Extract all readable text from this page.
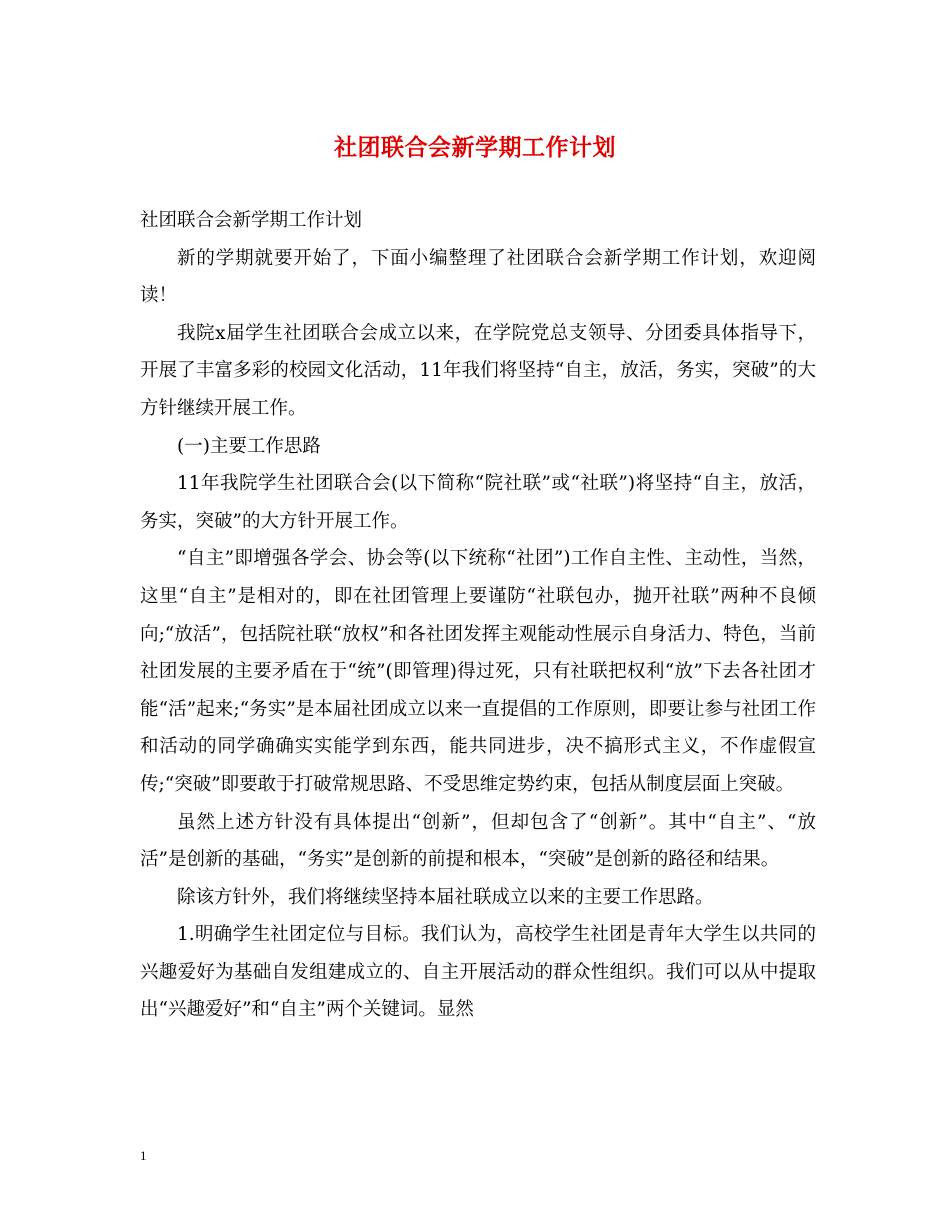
社团联合会新学期工作计划

社团联合会新学期工作计划

新的学期就要开始了，下面小编整理了社团联合会新学期工作计划，欢迎阅读！

我院x届学生社团联合会成立以来，在学院党总支领导、分团委具体指导下，开展了丰富多彩的校园文化活动，11年我们将坚持“自主，放活，务实，突破”的大方针继续开展工作。

(一)主要工作思路

11年我院学生社团联合会(以下简称“院社联”或“社联”)将坚持“自主，放活，务实，突破”的大方针开展工作。

“自主”即增强各学会、协会等(以下统称“社团”)工作自主性、主动性，当然，这里“自主”是相对的，即在社团管理上要谨防“社联包办，抛开社联”两种不良倾向;“放活”，包括院社联“放权”和各社团发挥主观能动性展示自身活力、特色，当前社团发展的主要矛盾在于“统”(即管理)得过死，只有社联把权利“放”下去各社团才能“活”起来;“务实”是本届社团成立以来一直提倡的工作原则，即要让参与社团工作和活动的同学确确实实能学到东西，能共同进步，决不搞形式主义，不作虚假宣传;“突破”即要敢于打破常规思路、不受思维定势约束，包括从制度层面上突破。

虽然上述方针没有具体提出“创新”，但却包含了“创新”。其中“自主”、“放活”是创新的基础，“务实”是创新的前提和根本，“突破”是创新的路径和结果。

除该方针外，我们将继续坚持本届社联成立以来的主要工作思路。

1.明确学生社团定位与目标。我们认为，高校学生社团是青年大学生以共同的兴趣爱好为基础自发组建成立的、自主开展活动的群众性组织。我们可以从中提取出“兴趣爱好”和“自主”两个关键词。显然

1
